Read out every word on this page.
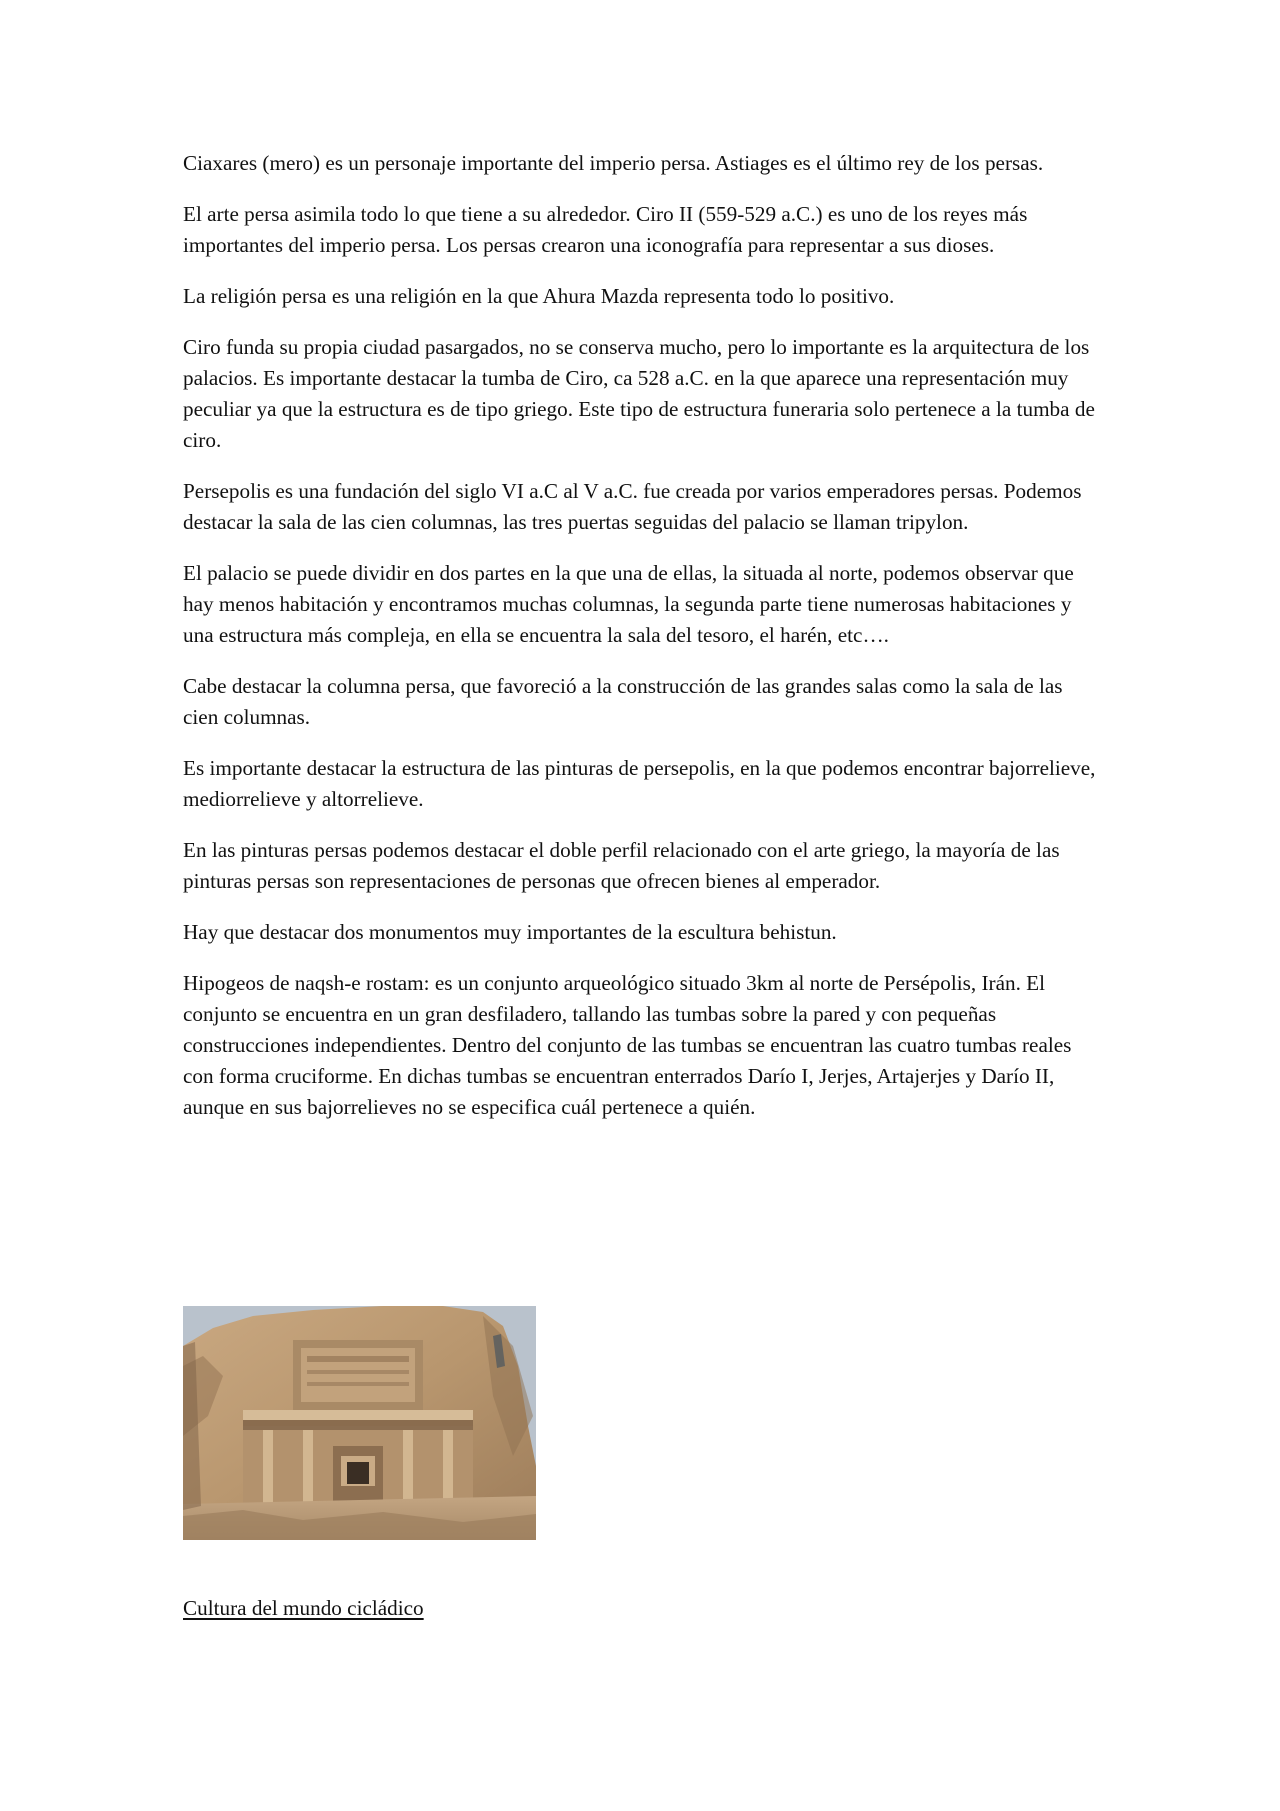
Ciaxares (mero) es un personaje importante del imperio persa. Astiages es el último rey de los persas.

El arte persa asimila todo lo que tiene a su alrededor. Ciro II (559-529 a.C.) es uno de los reyes más importantes del imperio persa. Los persas crearon una iconografía para representar a sus dioses.

La religión persa es una religión en la que Ahura Mazda representa todo lo positivo.

Ciro funda su propia ciudad pasargados, no se conserva mucho, pero lo importante es la arquitectura de los palacios. Es importante destacar la tumba de Ciro, ca 528 a.C. en la que aparece una representación muy peculiar ya que la estructura es de tipo griego. Este tipo de estructura funeraria solo pertenece a la tumba de ciro.

Persepolis es una fundación del siglo VI a.C al V a.C. fue creada por varios emperadores persas. Podemos destacar la sala de las cien columnas, las tres puertas seguidas del palacio se llaman tripylon.

El palacio se puede dividir en dos partes en la que una de ellas, la situada al norte, podemos observar que hay menos habitación y encontramos muchas columnas, la segunda parte tiene numerosas habitaciones y una estructura más compleja, en ella se encuentra la sala del tesoro, el harén, etc….

Cabe destacar la columna persa, que favoreció a la construcción de las grandes salas como la sala de las cien columnas.

Es importante destacar la estructura de las pinturas de persepolis, en la que podemos encontrar bajorrelieve, mediorrelieve y altorrelieve.

En las pinturas persas podemos destacar el doble perfil relacionado con el arte griego, la mayoría de las pinturas persas son representaciones de personas que ofrecen bienes al emperador.

Hay que destacar dos monumentos muy importantes de la escultura behistun.

Hipogeos de naqsh-e rostam: es un conjunto arqueológico situado 3km al norte de Persépolis, Irán. El conjunto se encuentra en un gran desfiladero, tallando las tumbas sobre la pared y con pequeñas construcciones independientes. Dentro del conjunto de las tumbas se encuentran las cuatro tumbas reales con forma cruciforme. En dichas tumbas se encuentran enterrados Darío I, Jerjes, Artajerjes y Darío II, aunque en sus bajorrelieves no se especifica cuál pertenece a quién.

Cultura del mundo cicládico
